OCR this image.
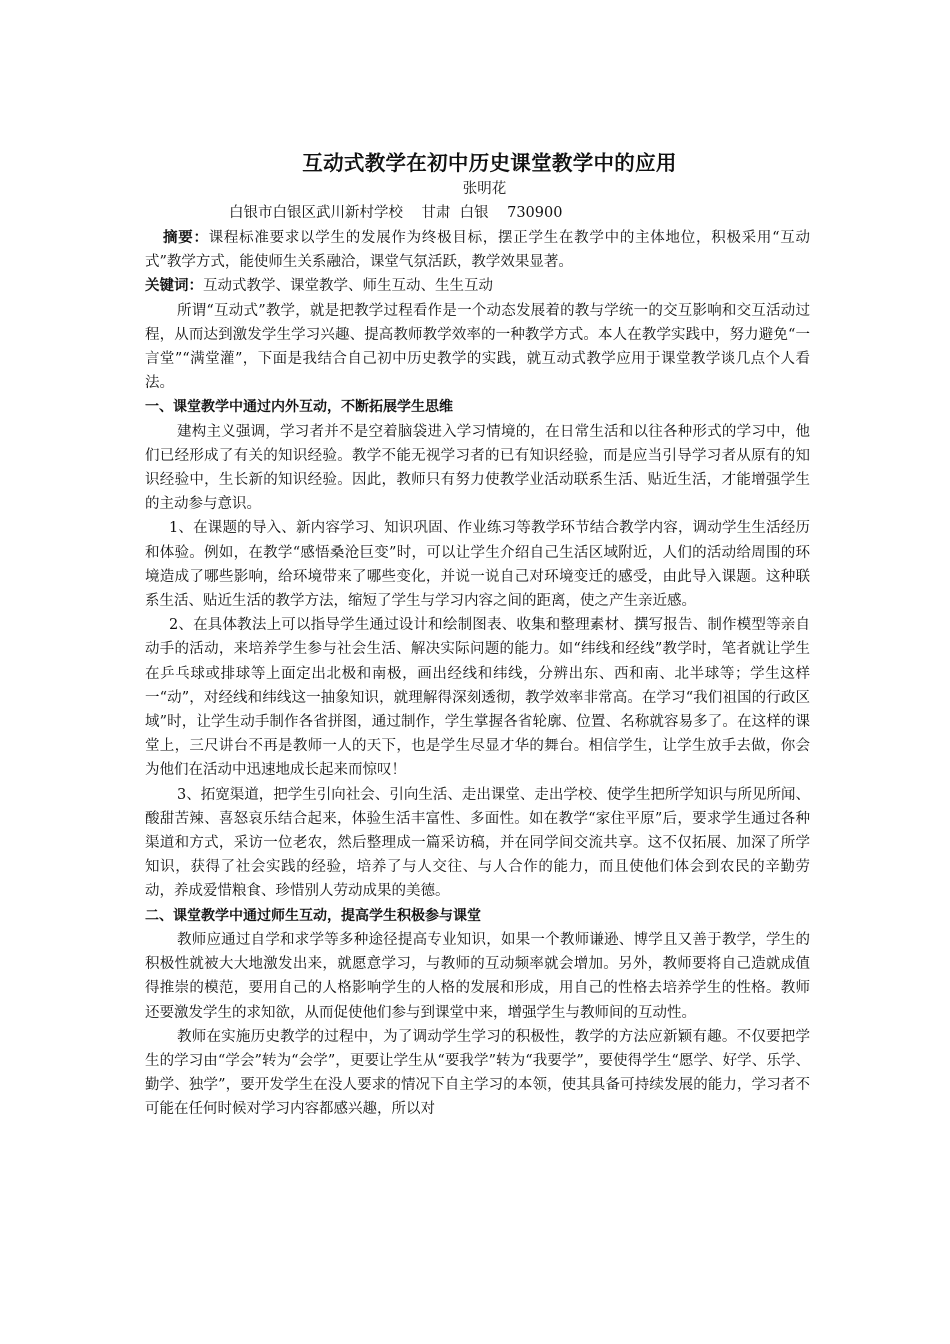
互动式教学在初中历史课堂教学中的应用
张明花
白银市白银区武川新村学校    甘肃  白银    730900

摘要：课程标准要求以学生的发展作为终极目标，摆正学生在教学中的主体地位，积极采用“互动式”教学方式，能使师生关系融洽，课堂气氛活跃，教学效果显著。

关键词：互动式教学、课堂教学、师生互动、生生互动

所谓“互动式”教学，就是把教学过程看作是一个动态发展着的教与学统一的交互影响和交互活动过程，从而达到激发学生学习兴趣、提高教师教学效率的一种教学方式。本人在教学实践中，努力避免“一言堂”“满堂灌”，下面是我结合自己初中历史教学的实践，就互动式教学应用于课堂教学谈几点个人看法。

一、课堂教学中通过内外互动，不断拓展学生思维

建构主义强调，学习者并不是空着脑袋进入学习情境的，在日常生活和以往各种形式的学习中，他们已经形成了有关的知识经验。教学不能无视学习者的已有知识经验，而是应当引导学习者从原有的知识经验中，生长新的知识经验。因此，教师只有努力使教学业活动联系生活、贴近生活，才能增强学生的主动参与意识。

1、在课题的导入、新内容学习、知识巩固、作业练习等教学环节结合教学内容，调动学生生活经历和体验。例如，在教学“感悟桑沧巨变”时，可以让学生介绍自己生活区域附近，人们的活动给周围的环境造成了哪些影响，给环境带来了哪些变化，并说一说自己对环境变迁的感受，由此导入课题。这种联系生活、贴近生活的教学方法，缩短了学生与学习内容之间的距离，使之产生亲近感。

2、在具体教法上可以指导学生通过设计和绘制图表、收集和整理素材、撰写报告、制作模型等亲自动手的活动，来培养学生参与社会生活、解决实际问题的能力。如“纬线和经线”教学时，笔者就让学生在乒乓球或排球等上面定出北极和南极，画出经线和纬线，分辨出东、西和南、北半球等；学生这样一“动”，对经线和纬线这一抽象知识，就理解得深刻透彻，教学效率非常高。在学习“我们祖国的行政区域”时，让学生动手制作各省拼图，通过制作，学生掌握各省轮廓、位置、名称就容易多了。在这样的课堂上，三尺讲台不再是教师一人的天下，也是学生尽显才华的舞台。相信学生，让学生放手去做，你会为他们在活动中迅速地成长起来而惊叹！

3、拓宽渠道，把学生引向社会、引向生活、走出课堂、走出学校、使学生把所学知识与所见所闻、酸甜苦辣、喜怒哀乐结合起来，体验生活丰富性、多面性。如在教学“家住平原”后，要求学生通过各种渠道和方式，采访一位老农，然后整理成一篇采访稿，并在同学间交流共享。这不仅拓展、加深了所学知识，获得了社会实践的经验，培养了与人交往、与人合作的能力，而且使他们体会到农民的辛勤劳动，养成爱惜粮食、珍惜别人劳动成果的美德。

二、课堂教学中通过师生互动，提高学生积极参与课堂

教师应通过自学和求学等多种途径提高专业知识，如果一个教师谦逊、博学且又善于教学，学生的积极性就被大大地激发出来，就愿意学习，与教师的互动频率就会增加。另外，教师要将自己造就成值得推崇的模范，要用自己的人格影响学生的人格的发展和形成，用自己的性格去培养学生的性格。教师还要激发学生的求知欲，从而促使他们参与到课堂中来，增强学生与教师间的互动性。

教师在实施历史教学的过程中，为了调动学生学习的积极性，教学的方法应新颖有趣。不仅要把学生的学习由“学会”转为“会学”，更要让学生从“要我学”转为“我要学”，要使得学生“愿学、好学、乐学、勤学、独学”，要开发学生在没人要求的情况下自主学习的本领，使其具备可持续发展的能力，学习者不可能在任何时候对学习内容都感兴趣，所以对
